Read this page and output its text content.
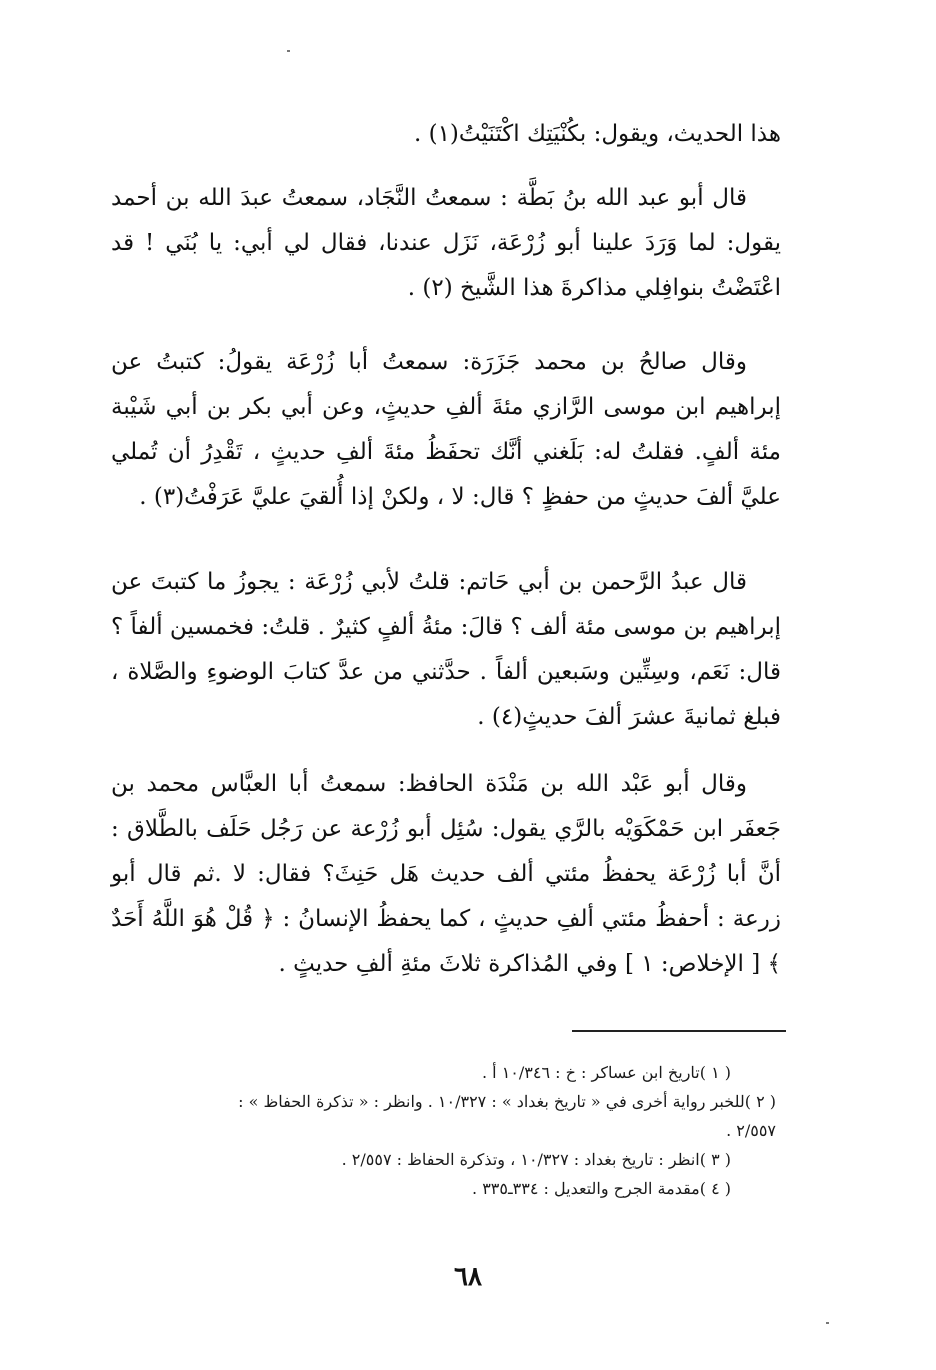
هذا الحديث، ويقول: بكُنْيَتِك اكْتَنَيْتُ(١) .

قال أبو عبد الله بنُ بَطَّة : سمعتُ النَّجَاد، سمعتُ عبدَ الله بن أحمد يقول: لما وَرَدَ علينا أبو زُرْعَة، نَزَل عندنا، فقال لي أبي: يا بُنَي ! قد اعْتَضْتُ بنوافِلي مذاكرةَ هذا الشَّيخ (٢) .

وقال صالحُ بن محمد جَزَرَة: سمعتُ أبا زُرْعَة يقولُ: كتبتُ عن إبراهيم ابن موسى الرَّازي مئةَ ألفِ حديثٍ، وعن أبي بكر بن أبي شَيْبة مئة ألفٍ. فقلتُ له: بَلَغني أنَّك تحفَظُ مئةَ ألفِ حديثٍ ، تَقْدِرُ أن تُملي عليَّ ألفَ حديثٍ من حفظٍ ؟ قال: لا ، ولكنْ إذا أُلقيَ عليَّ عَرَفْتُ(٣) .

قال عبدُ الرَّحمن بن أبي حَاتم: قلتُ لأبي زُرْعَة : يجوزُ ما كتبتَ عن إبراهيم بن موسى مئة ألف ؟ قالَ: مئةُ ألفٍ كثيرٌ . قلتُ: فخمسين ألفاً ؟ قال: نَعَم، وسِتِّين وسَبعين ألفاً . حدَّثني من عدَّ كتابَ الوضوءِ والصَّلاة ، فبلغ ثمانيةَ عشرَ ألفَ حديثٍ(٤) .

وقال أبو عَبْد الله بن مَنْدَة الحافظ: سمعتُ أبا العبَّاس محمد بن جَعفَر ابن حَمْكَوَيْه بالرَّي يقول: سُئِل أبو زُرْعة عن رَجُل حَلَف بالطَّلاق : أنَّ أبا زُرْعَة يحفظُ مئتي ألف حديث هَل حَنِثَ؟ فقال: لا .ثم قال أبو زرعة : أحفظُ مئتي ألفِ حديثٍ ، كما يحفظُ الإنسانُ : ﴿ قُلْ هُوَ اللَّهُ أَحَدٌ ﴾ [ الإخلاص: ١ ] وفي المُذاكرة ثلاثَ مئةِ ألفِ حديثٍ .

( ١ )تاريخ ابن عساكر : خ : ١٠/٣٤٦ أ .

( ٢ )للخبر رواية أخرى في « تاريخ بغداد » : ١٠/٣٢٧ . وانظر : « تذكرة الحفاظ » :

٢/٥٥٧ .

( ٣ )انظر : تاريخ بغداد : ١٠/٣٢٧ ، وتذكرة الحفاظ : ٢/٥٥٧ .

( ٤ )مقدمة الجرح والتعديل : ٣٣٤ـ٣٣٥ .

٦٨
